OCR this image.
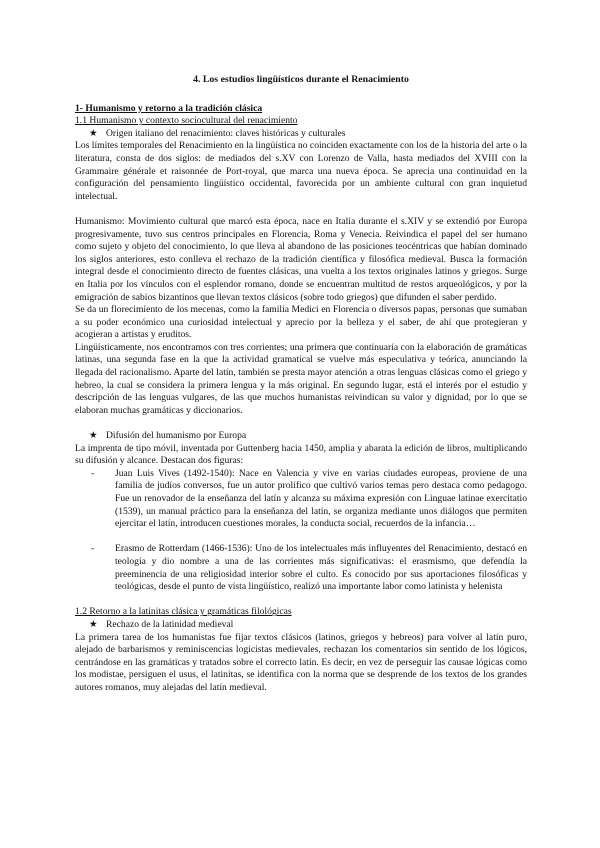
4. Los estudios lingüísticos durante el Renacimiento
1- Humanismo y retorno a la tradición clásica
1.1 Humanismo y contexto sociocultural del renacimiento
★ Origen italiano del renacimiento: claves históricas y culturales

Los límites temporales del Renacimiento en la lingüística no coinciden exactamente con los de la historia del arte o la literatura, consta de dos siglos: de mediados del s.XV con Lorenzo de Valla, hasta mediados del XVIII con la Grammaire générale et raisonnée de Port-royal, que marca una nueva época. Se aprecia una continuidad en la configuración del pensamiento lingüístico occidental, favorecida por un ambiente cultural con gran inquietud intelectual.

Humanismo: Movimiento cultural que marcó esta época, nace en Italia durante el s.XIV y se extendió por Europa progresivamente, tuvo sus centros principales en Florencia, Roma y Venecia. Reivindica el papel del ser humano como sujeto y objeto del conocimiento, lo que lleva al abandono de las posiciones teocéntricas que habían dominado los siglos anteriores, esto conlleva el rechazo de la tradición científica y filosófica medieval. Busca la formación integral desde el conocimiento directo de fuentes clásicas, una vuelta a los textos originales latinos y griegos. Surge en Italia por los vínculos con el esplendor romano, donde se encuentran multitud de restos arqueológicos, y por la emigración de sabios bizantinos que llevan textos clásicos (sobre todo griegos) que difunden el saber perdido.

Se da un florecimiento de los mecenas, como la familia Medici en Florencia o diversos papas, personas que sumaban a su poder económico una curiosidad intelectual y aprecio por la belleza y el saber, de ahí que protegieran y acogieran a artistas y eruditos.

Lingüísticamente, nos encontramos con tres corrientes; una primera que continuaría con la elaboración de gramáticas latinas, una segunda fase en la que la actividad gramatical se vuelve más especulativa y teórica, anunciando la llegada del racionalismo. Aparte del latín, también se presta mayor atención a otras lenguas clásicas como el griego y hebreo, la cual se considera la primera lengua y la más original. En segundo lugar, está el interés por el estudio y descripción de las lenguas vulgares, de las que muchos humanistas reivindican su valor y dignidad, por lo que se elaboran muchas gramáticas y diccionarios.

★ Difusión del humanismo por Europa

La imprenta de tipo móvil, inventada por Guttenberg hacia 1450, amplia y abarata la edición de libros, multiplicando su difusión y alcance. Destacan dos figuras:

-	Juan Luis Vives (1492-1540): Nace en Valencia y vive en varias ciudades europeas, proviene de una familia de judíos conversos, fue un autor prolífico que cultivó varios temas pero destaca como pedagogo. Fue un renovador de la enseñanza del latín y alcanza su máxima expresión con Linguae latinae exercitatio (1539), un manual práctico para la enseñanza del latín, se organiza mediante unos diálogos que permiten ejercitar el latín, introducen cuestiones morales, la conducta social, recuerdos de la infancia…

-	Erasmo de Rotterdam (1466-1536): Uno de los intelectuales más influyentes del Renacimiento, destacó en teología y dio nombre a una de las corrientes más significativas: el erasmismo, que defendía la preeminencia de una religiosidad interior sobre el culto. Es conocido por sus aportaciones filosóficas y teológicas, desde el punto de vista lingüístico, realizó una importante labor como latinista y helenista

1.2 Retorno a la latinitas clásica y gramáticas filológicas
★ Rechazo de la latinidad medieval

La primera tarea de los humanistas fue fijar textos clásicos (latinos, griegos y hebreos) para volver al latín puro, alejado de barbarismos y reminiscencias logicistas medievales, rechazan los comentarios sin sentido de los lógicos, centrándose en las gramáticas y tratados sobre el correcto latín. Es decir, en vez de perseguir las causae lógicas como los modistae, persiguen el usus, el latinitas, se identifica con la norma que se desprende de los textos de los grandes autores romanos, muy alejadas del latín medieval.
